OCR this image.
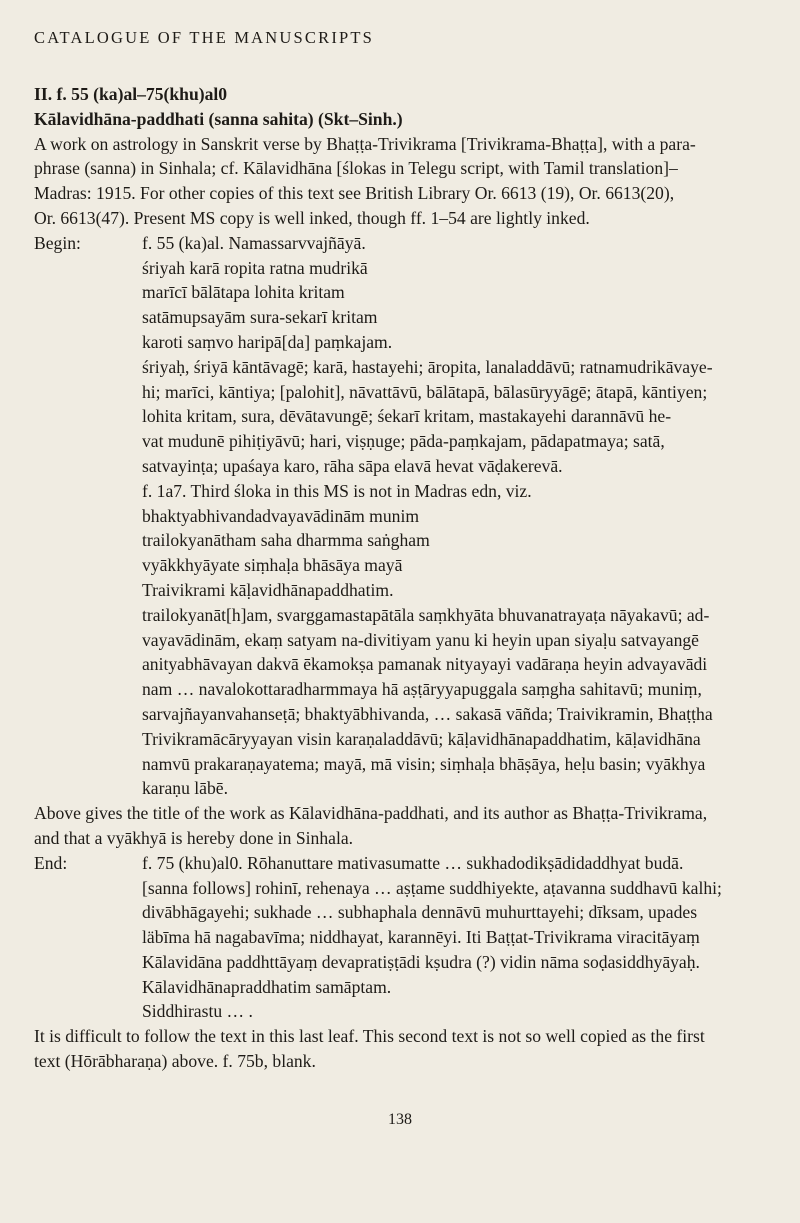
CATALOGUE OF THE MANUSCRIPTS
II. f. 55 (ka)al–75(khu)al0
Kālavidhāna-paddhati (sanna sahita) (Skt–Sinh.)
A work on astrology in Sanskrit verse by Bhaṭṭa-Trivikrama [Trivikrama-Bhaṭṭa], with a para-
phrase (sanna) in Sinhala; cf. Kālavidhāna [ślokas in Telegu script, with Tamil translation]–
Madras: 1915. For other copies of this text see British Library Or. 6613 (19), Or. 6613(20),
Or. 6613(47). Present MS copy is well inked, though ff. 1–54 are lightly inked.
Begin:	f. 55 (ka)al. Namassarvvajñāyā.
śriyah karā ropita ratna mudrikā
marīcī bālātapa lohita kritam
satāmupsayām sura-sekarī kritam
karoti saṃvo haripā[da] paṃkajam.
śriyaḥ, śriyā kāntāvagē; karā, hastayehi; āropita, lanaladdāvū; ratnamudrikāvaye-
hi; marīci, kāntiya; [palohit], nāvattāvū, bālātapā, bālasūryyāgē; ātapā, kāntiyen;
lohita kritam, sura, dēvātavungē; śekarī kritam, mastakayehi darannāvū he-
vat mudunē pihiṭiyāvū; hari, viṣṇuge; pāda-paṃkajam, pādapatmaya; satā,
satvayinṭa; upaśaya karo, rāha sāpa elavā hevat vāḍakerevā.
f. 1a7. Third śloka in this MS is not in Madras edn, viz.
bhaktyabhivandadvayavādinām munim
trailokyanātham saha dharmma saṅgham
vyākkhyāyate siṃhaḷa bhāsāya mayā
Traivikrami kāḷavidhānapaddhatim.
trailokyanāt[h]am, svarggamastapātāla saṃkhyāta bhuvanatrayaṭa nāyakavū; ad-
vayavādinām, ekaṃ satyam na-divitiyam yanu ki heyin upan siyaḷu satvayangē
anityabhāvayan dakvā ēkamokṣa pamanak nityayayi vadāraṇa heyin advayavādi
nam … navalokottaradharmmaya hā aṣṭāryyapuggala saṃgha sahitavū; muniṃ,
sarvajñayanvahanseṭā; bhaktyābhivanda, … sakasā vāñda; Traivikramin, Bhaṭṭha
Trivikramācāryyayan visin karaṇaladdāvū; kāḷavidhānapaddhatim, kāḷavidhāna
namvū prakaraṇayatema; mayā, mā visin; siṃhaḷa bhāṣāya, heḷu basin; vyākhya
karaṇu lābē.
Above gives the title of the work as Kālavidhāna-paddhati, and its author as Bhaṭṭa-Trivikrama,
and that a vyākhyā is hereby done in Sinhala.
End:	f. 75 (khu)al0. Rōhanuttare mativasumatte … sukhadodikṣādidaddhyat budā.
[sanna follows] rohinī, rehenaya … aṣṭame suddhiyekte, aṭavanna suddhavū kalhi;
divābhāgayehi; sukhade … subhaphala dennāvū muhurttayehi; dīksam, upades
läbīma hā nagabavīma; niddhayat, karannēyi. Iti Baṭṭat-Trivikrama viracitāyaṃ
Kālavidāna paddhttāyaṃ devapratiṣṭādi kṣudra (?) vidin nāma soḍasiddhyāyaḥ.
Kālavidhānapraddhatim samāptam.
Siddhirastu … .
It is difficult to follow the text in this last leaf. This second text is not so well copied as the first
text (Hōrābharaṇa) above. f. 75b, blank.
138
